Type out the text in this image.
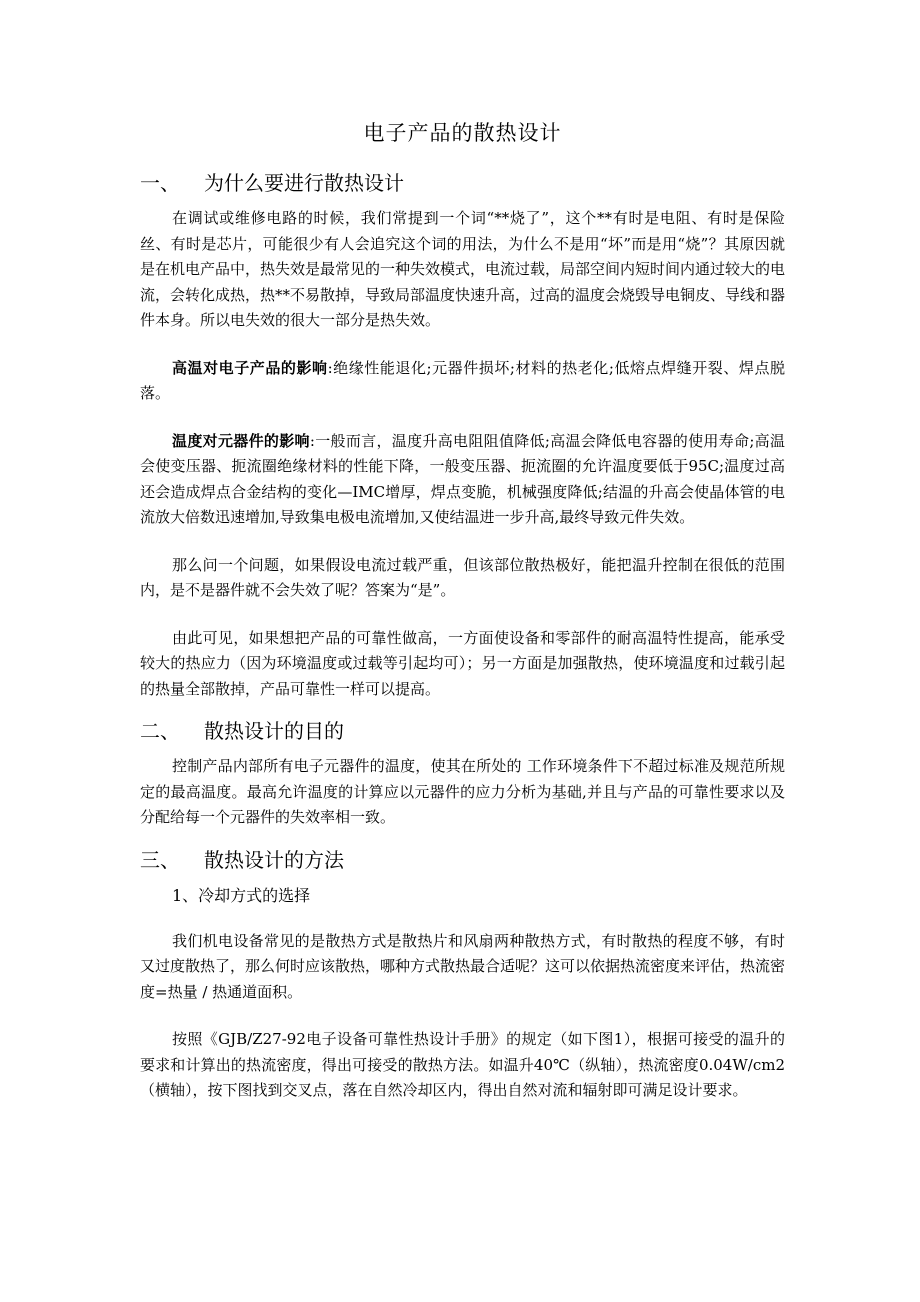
电子产品的散热设计
一、	为什么要进行散热设计

在调试或维修电路的时候，我们常提到一个词“**烧了”，这个**有时是电阻、有时是保险丝、有时是芯片，可能很少有人会追究这个词的用法，为什么不是用“坏”而是用“烧”？其原因就是在机电产品中，热失效是最常见的一种失效模式，电流过载，局部空间内短时间内通过较大的电流，会转化成热，热**不易散掉，导致局部温度快速升高，过高的温度会烧毁导电铜皮、导线和器件本身。所以电失效的很大一部分是热失效。

高温对电子产品的影响:绝缘性能退化;元器件损坏;材料的热老化;低熔点焊缝开裂、焊点脱落。

温度对元器件的影响:一般而言，温度升高电阻阻值降低;高温会降低电容器的使用寿命;高温会使变压器、扼流圈绝缘材料的性能下降，一般变压器、扼流圈的允许温度要低于95C;温度过高还会造成焊点合金结构的变化—IMC增厚，焊点变脆，机械强度降低;结温的升高会使晶体管的电流放大倍数迅速增加,导致集电极电流增加,又使结温进一步升高,最终导致元件失效。

那么问一个问题，如果假设电流过载严重，但该部位散热极好，能把温升控制在很低的范围内，是不是器件就不会失效了呢？答案为“是”。

由此可见，如果想把产品的可靠性做高，一方面使设备和零部件的耐高温特性提高，能承受较大的热应力（因为环境温度或过载等引起均可）；另一方面是加强散热，使环境温度和过载引起的热量全部散掉，产品可靠性一样可以提高。

二、	散热设计的目的

控制产品内部所有电子元器件的温度，使其在所处的 工作环境条件下不超过标准及规范所规定的最高温度。最高允许温度的计算应以元器件的应力分析为基础,并且与产品的可靠性要求以及分配给每一个元器件的失效率相一致。

三、	散热设计的方法
1、冷却方式的选择

我们机电设备常见的是散热方式是散热片和风扇两种散热方式，有时散热的程度不够，有时又过度散热了，那么何时应该散热，哪种方式散热最合适呢？这可以依据热流密度来评估，热流密度=热量 / 热通道面积。

按照《GJB/Z27-92电子设备可靠性热设计手册》的规定（如下图1），根据可接受的温升的要求和计算出的热流密度，得出可接受的散热方法。如温升40℃（纵轴），热流密度0.04W/cm2（横轴），按下图找到交叉点，落在自然冷却区内，得出自然对流和辐射即可满足设计要求。
